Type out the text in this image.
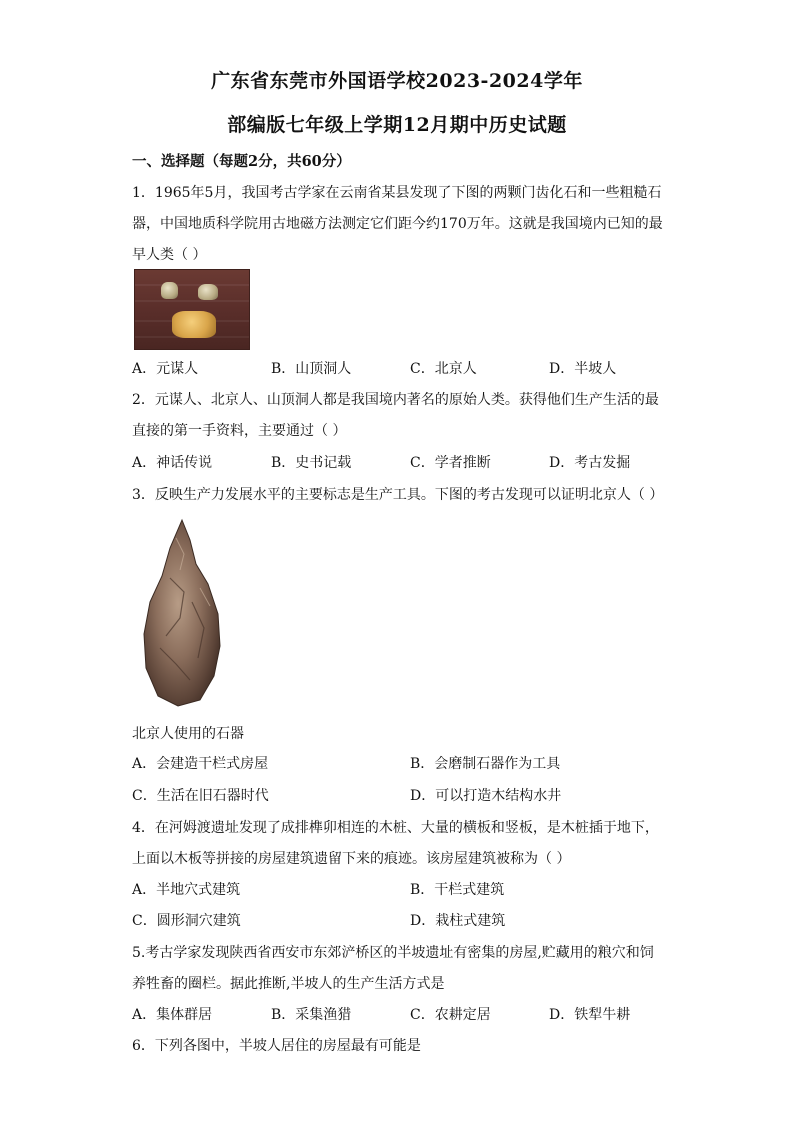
广东省东莞市外国语学校2023-2024学年
部编版七年级上学期12月期中历史试题
一、选择题（每题2分，共60分）
1．1965年5月，我国考古学家在云南省某县发现了下图的两颗门齿化石和一些粗糙石
器，中国地质科学院用古地磁方法测定它们距今约170万年。这就是我国境内已知的最
早人类（ ）
A．元谋人	B．山顶洞人	C．北京人	D．半坡人
2．元谋人、北京人、山顶洞人都是我国境内著名的原始人类。获得他们生产生活的最
直接的第一手资料，主要通过（ ）
A．神话传说	B．史书记载	C．学者推断	D．考古发掘
3．反映生产力发展水平的主要标志是生产工具。下图的考古发现可以证明北京人（ ）
北京人使用的石器
A．会建造干栏式房屋	B．会磨制石器作为工具
C．生活在旧石器时代	D．可以打造木结构水井
4．在河姆渡遗址发现了成排榫卯相连的木桩、大量的横板和竖板，是木桩插于地下，
上面以木板等拼接的房屋建筑遗留下来的痕迹。该房屋建筑被称为（ ）
A．半地穴式建筑	B．干栏式建筑
C．圆形洞穴建筑	D．栽柱式建筑
5.考古学家发现陕西省西安市东郊浐桥区的半坡遗址有密集的房屋,贮藏用的粮穴和饲
养牲畜的圈栏。据此推断,半坡人的生产生活方式是
A．集体群居	B．采集渔猎	C．农耕定居	D．铁犁牛耕
6．下列各图中，半坡人居住的房屋最有可能是
